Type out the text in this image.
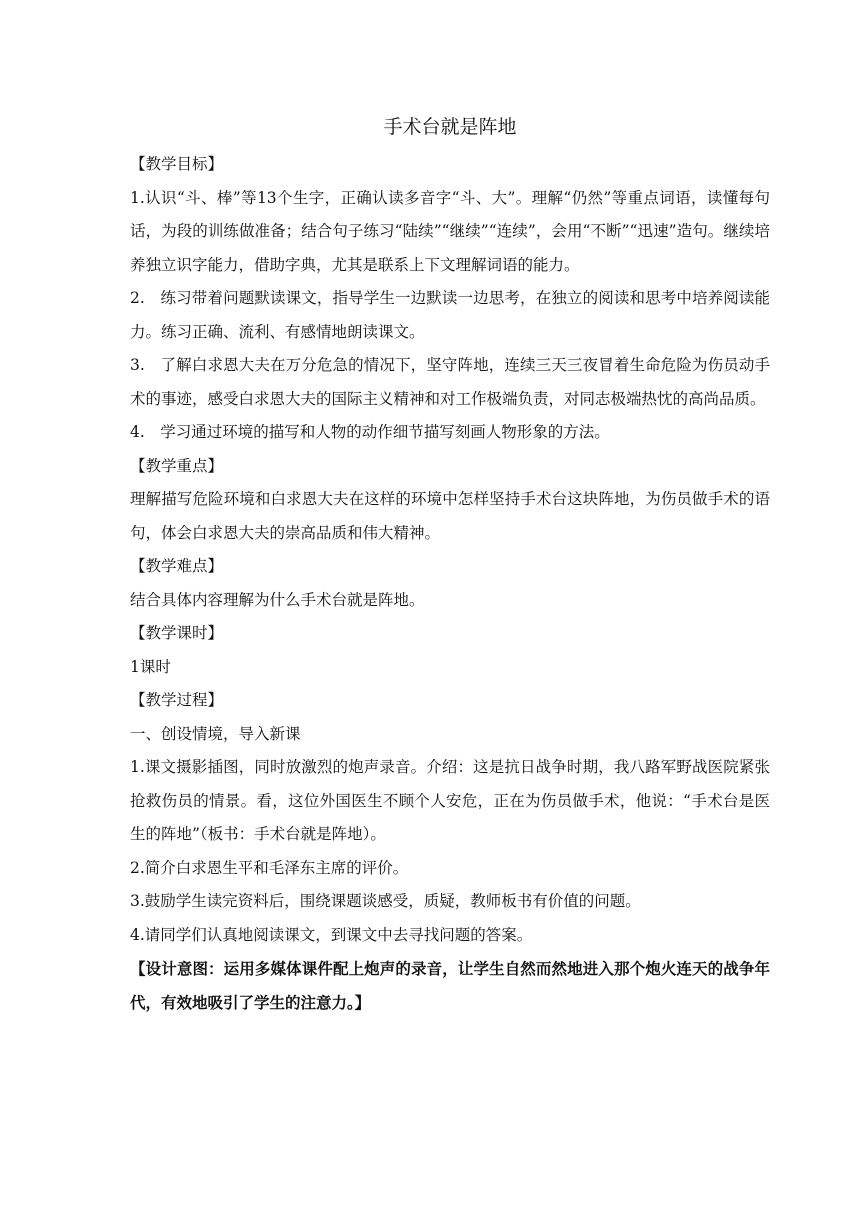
手术台就是阵地
【教学目标】

1.认识“斗、棒”等13个生字，正确认读多音字“斗、大”。理解“仍然”等重点词语，读懂每句话，为段的训练做准备；结合句子练习“陆续”“继续”“连续”，会用“不断”“迅速”造句。继续培养独立识字能力，借助字典，尤其是联系上下文理解词语的能力。

2.　练习带着问题默读课文，指导学生一边默读一边思考，在独立的阅读和思考中培养阅读能力。练习正确、流利、有感情地朗读课文。

3.　了解白求恩大夫在万分危急的情况下，坚守阵地，连续三天三夜冒着生命危险为伤员动手术的事迹，感受白求恩大夫的国际主义精神和对工作极端负责，对同志极端热忱的高尚品质。

4.　学习通过环境的描写和人物的动作细节描写刻画人物形象的方法。

【教学重点】

理解描写危险环境和白求恩大夫在这样的环境中怎样坚持手术台这块阵地，为伤员做手术的语句，体会白求恩大夫的崇高品质和伟大精神。

【教学难点】

结合具体内容理解为什么手术台就是阵地。

【教学课时】

1课时

【教学过程】

一、创设情境，导入新课

1.课文摄影插图，同时放激烈的炮声录音。介绍：这是抗日战争时期，我八路军野战医院紧张抢救伤员的情景。看，这位外国医生不顾个人安危，正在为伤员做手术，他说：“手术台是医生的阵地”（板书：手术台就是阵地）。

2.简介白求恩生平和毛泽东主席的评价。

3.鼓励学生读完资料后，围绕课题谈感受，质疑，教师板书有价值的问题。

4.请同学们认真地阅读课文，到课文中去寻找问题的答案。

【设计意图：运用多媒体课件配上炮声的录音，让学生自然而然地进入那个炮火连天的战争年代，有效地吸引了学生的注意力。】
